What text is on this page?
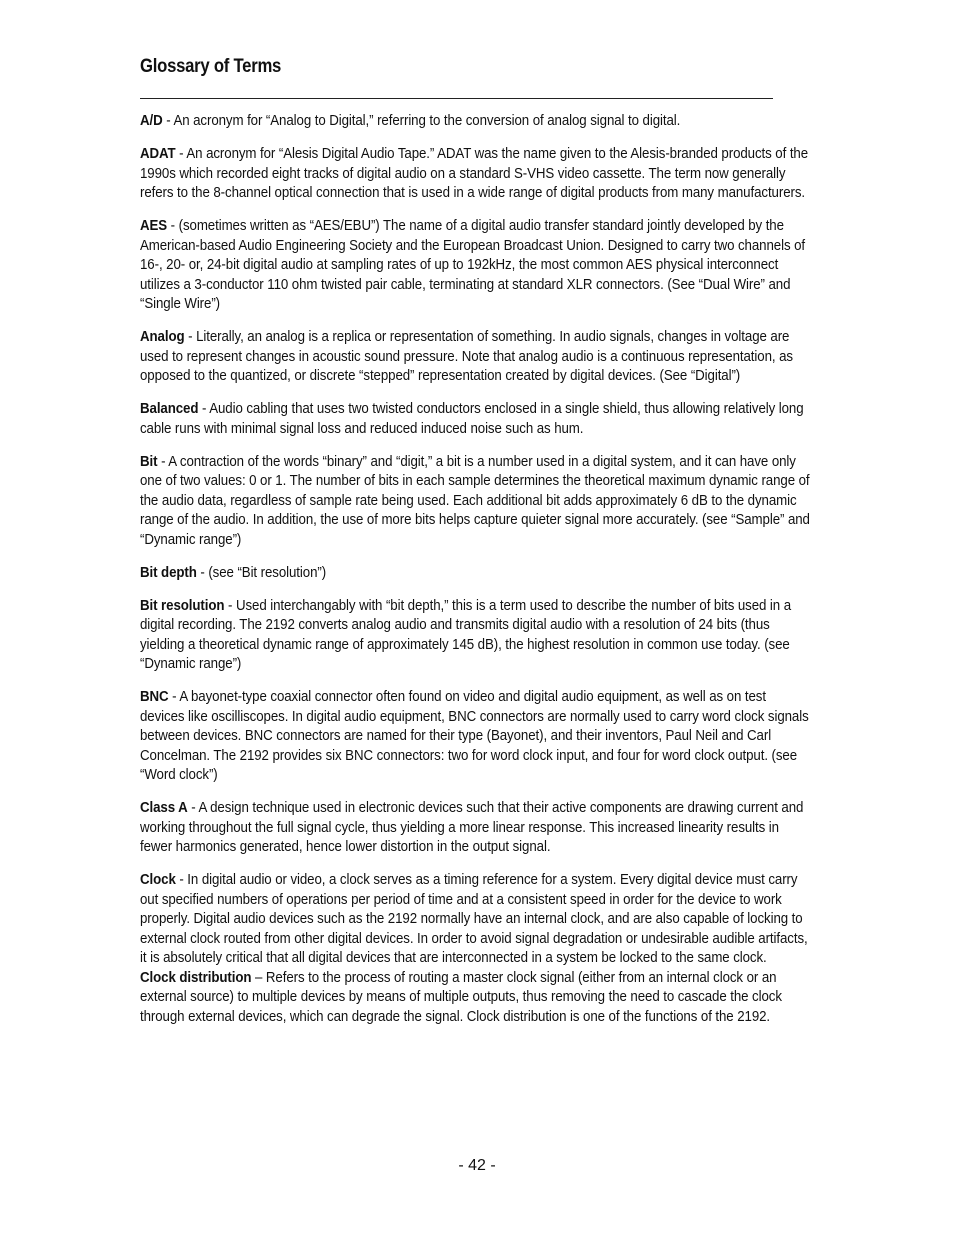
Glossary of Terms

A/D - An acronym for “Analog to Digital,” referring to the conversion of analog signal to digital.

ADAT - An acronym for “Alesis Digital Audio Tape.” ADAT was the name given to the Alesis-branded products of the 1990s which recorded eight tracks of digital audio on a standard S-VHS video cassette. The term now generally refers to the 8-channel optical connection that is used in a wide range of digital products from many manufacturers.

AES - (sometimes written as “AES/EBU”) The name of a digital audio transfer standard jointly developed by the American-based Audio Engineering Society and the European Broadcast Union. Designed to carry two channels of 16-, 20- or, 24-bit digital audio at sampling rates of up to 192kHz, the most common AES physical interconnect utilizes a 3-conductor 110 ohm twisted pair cable, terminating at standard XLR connectors. (See “Dual Wire” and “Single Wire”)

Analog - Literally, an analog is a replica or representation of something. In audio signals, changes in voltage are used to represent changes in acoustic sound pressure. Note that analog audio is a continuous representation, as opposed to the quantized, or discrete “stepped” representation created by digital devices. (See “Digital”)

Balanced - Audio cabling that uses two twisted conductors enclosed in a single shield, thus allowing relatively long cable runs with minimal signal loss and reduced induced noise such as hum.

Bit - A contraction of the words “binary” and “digit,” a bit is a number used in a digital system, and it can have only one of two values: 0 or 1. The number of bits in each sample determines the theoretical maximum dynamic range of the audio data, regardless of sample rate being used. Each additional bit adds approximately 6 dB to the dynamic range of the audio. In addition, the use of more bits helps capture quieter signal more accurately. (see “Sample” and “Dynamic range”)

Bit depth - (see “Bit resolution”)

Bit resolution - Used interchangably with “bit depth,” this is a term used to describe the number of bits used in a digital recording. The 2192 converts analog audio and transmits digital audio with a resolution of 24 bits (thus yielding a theoretical dynamic range of approximately 145 dB), the highest resolution in common use today. (see “Dynamic range”)

BNC - A bayonet-type coaxial connector often found on video and digital audio equipment, as well as on test devices like oscilliscopes. In digital audio equipment, BNC connectors are normally used to carry word clock signals between devices. BNC connectors are named for their type (Bayonet), and their inventors, Paul Neil and Carl Concelman. The 2192 provides six BNC connectors: two for word clock input, and four for word clock output. (see “Word clock”)

Class A - A design technique used in electronic devices such that their active components are drawing current and working throughout the full signal cycle, thus yielding a more linear response. This increased linearity results in fewer harmonics generated, hence lower distortion in the output signal.

Clock - In digital audio or video, a clock serves as a timing reference for a system. Every digital device must carry out specified numbers of operations per period of time and at a consistent speed in order for the device to work properly. Digital audio devices such as the 2192 normally have an internal clock, and are also capable of locking to external clock routed from other digital devices. In order to avoid signal degradation or undesirable audible artifacts, it is absolutely critical that all digital devices that are interconnected in a system be locked to the same clock.

Clock distribution – Refers to the process of routing a master clock signal (either from an internal clock or an external source) to multiple devices by means of multiple outputs, thus removing the need to cascade the clock through external devices, which can degrade the signal. Clock distribution is one of the functions of the 2192.

- 42 -
